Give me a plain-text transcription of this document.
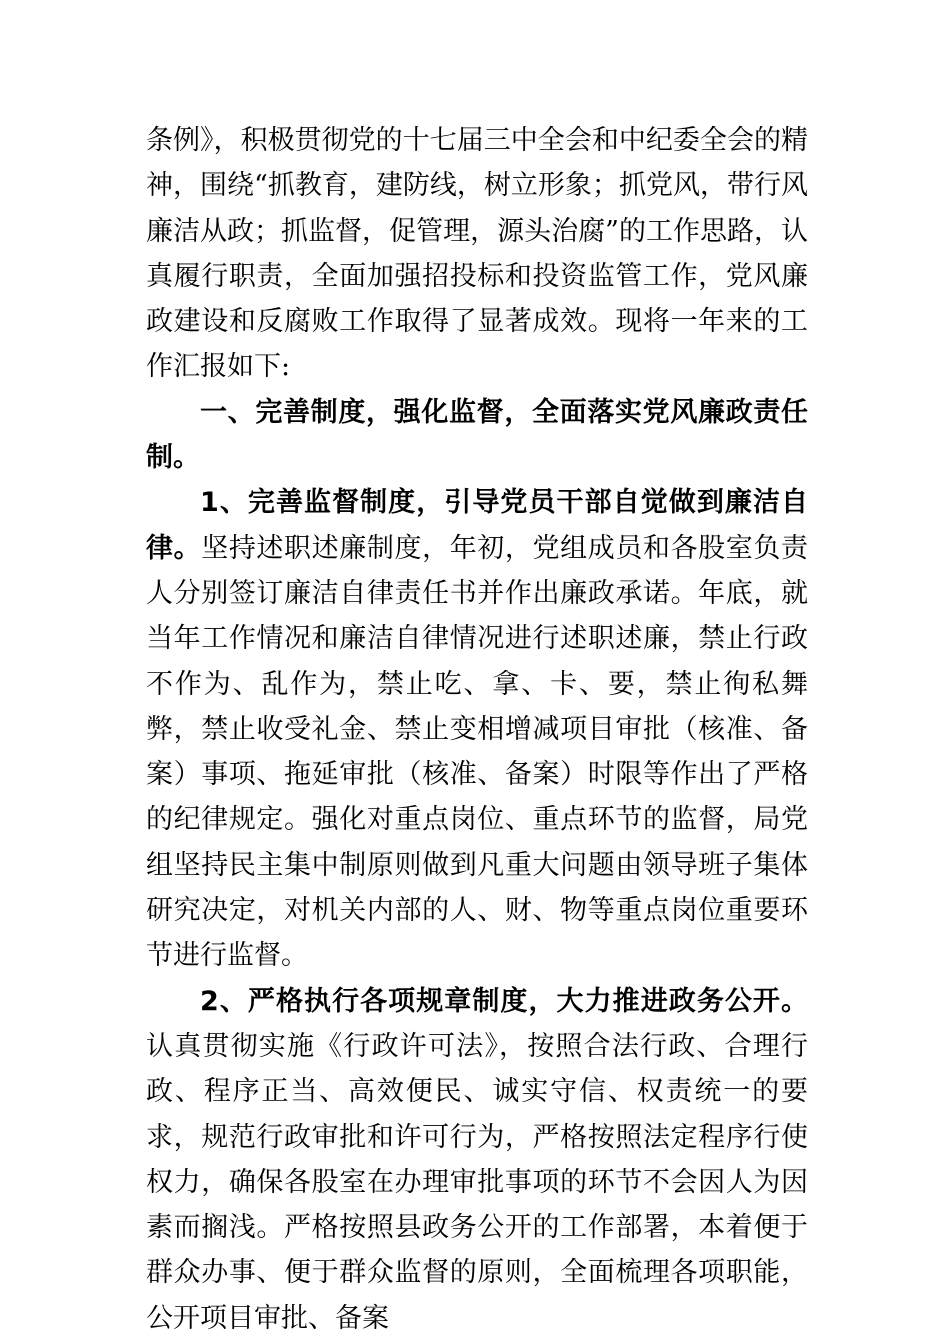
条例》，积极贯彻党的十七届三中全会和中纪委全会的精神，围绕“抓教育，建防线，树立形象；抓党风，带行风廉洁从政；抓监督，促管理，源头治腐”的工作思路，认真履行职责，全面加强招投标和投资监管工作，党风廉政建设和反腐败工作取得了显著成效。现将一年来的工作汇报如下:

一、完善制度，强化监督，全面落实党风廉政责任制。

1、完善监督制度，引导党员干部自觉做到廉洁自律。坚持述职述廉制度，年初，党组成员和各股室负责人分别签订廉洁自律责任书并作出廉政承诺。年底，就当年工作情况和廉洁自律情况进行述职述廉，禁止行政不作为、乱作为，禁止吃、拿、卡、要，禁止徇私舞弊，禁止收受礼金、禁止变相增减项目审批（核准、备案）事项、拖延审批（核准、备案）时限等作出了严格的纪律规定。强化对重点岗位、重点环节的监督，局党组坚持民主集中制原则做到凡重大问题由领导班子集体研究决定，对机关内部的人、财、物等重点岗位重要环节进行监督。

2、严格执行各项规章制度，大力推进政务公开。认真贯彻实施《行政许可法》，按照合法行政、合理行政、程序正当、高效便民、诚实守信、权责统一的要求，规范行政审批和许可行为，严格按照法定程序行使权力，确保各股室在办理审批事项的环节不会因人为因素而搁浅。严格按照县政务公开的工作部署，本着便于群众办事、便于群众监督的原则，全面梳理各项职能，公开项目审批、备案
